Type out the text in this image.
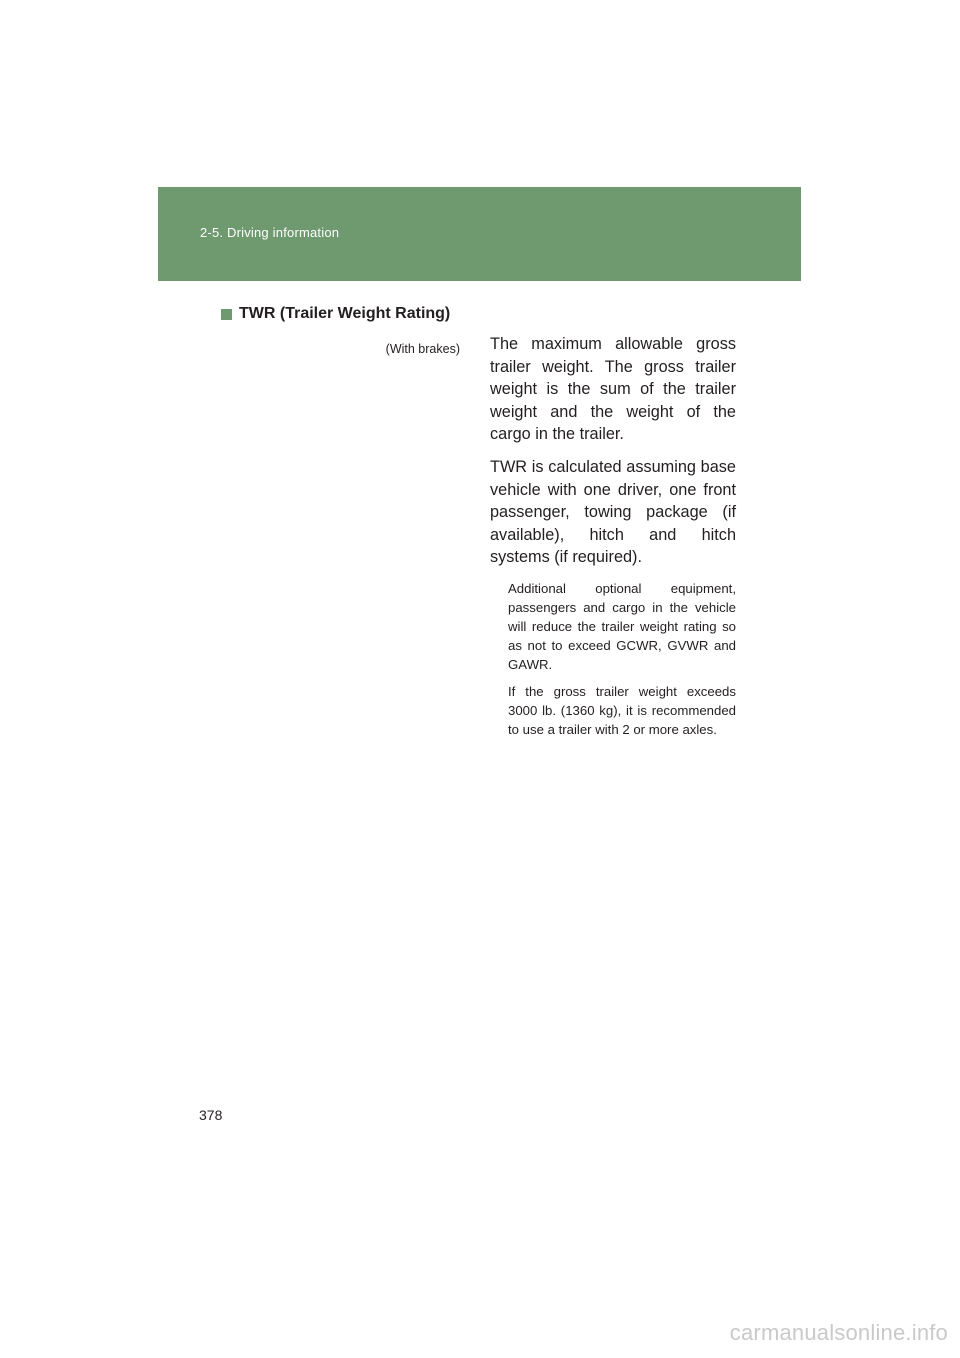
2-5. Driving information
TWR (Trailer Weight Rating)
(With brakes) The maximum allowable gross trailer weight. The gross trailer weight is the sum of the trailer weight and the weight of the cargo in the trailer.

TWR is calculated assuming base vehicle with one driver, one front passenger, towing package (if available), hitch and hitch systems (if required).

Additional optional equipment, passengers and cargo in the vehicle will reduce the trailer weight rating so as not to exceed GCWR, GVWR and GAWR.

If the gross trailer weight exceeds 3000 lb. (1360 kg), it is recommended to use a trailer with 2 or more axles.

378
carmanualsonline.info
